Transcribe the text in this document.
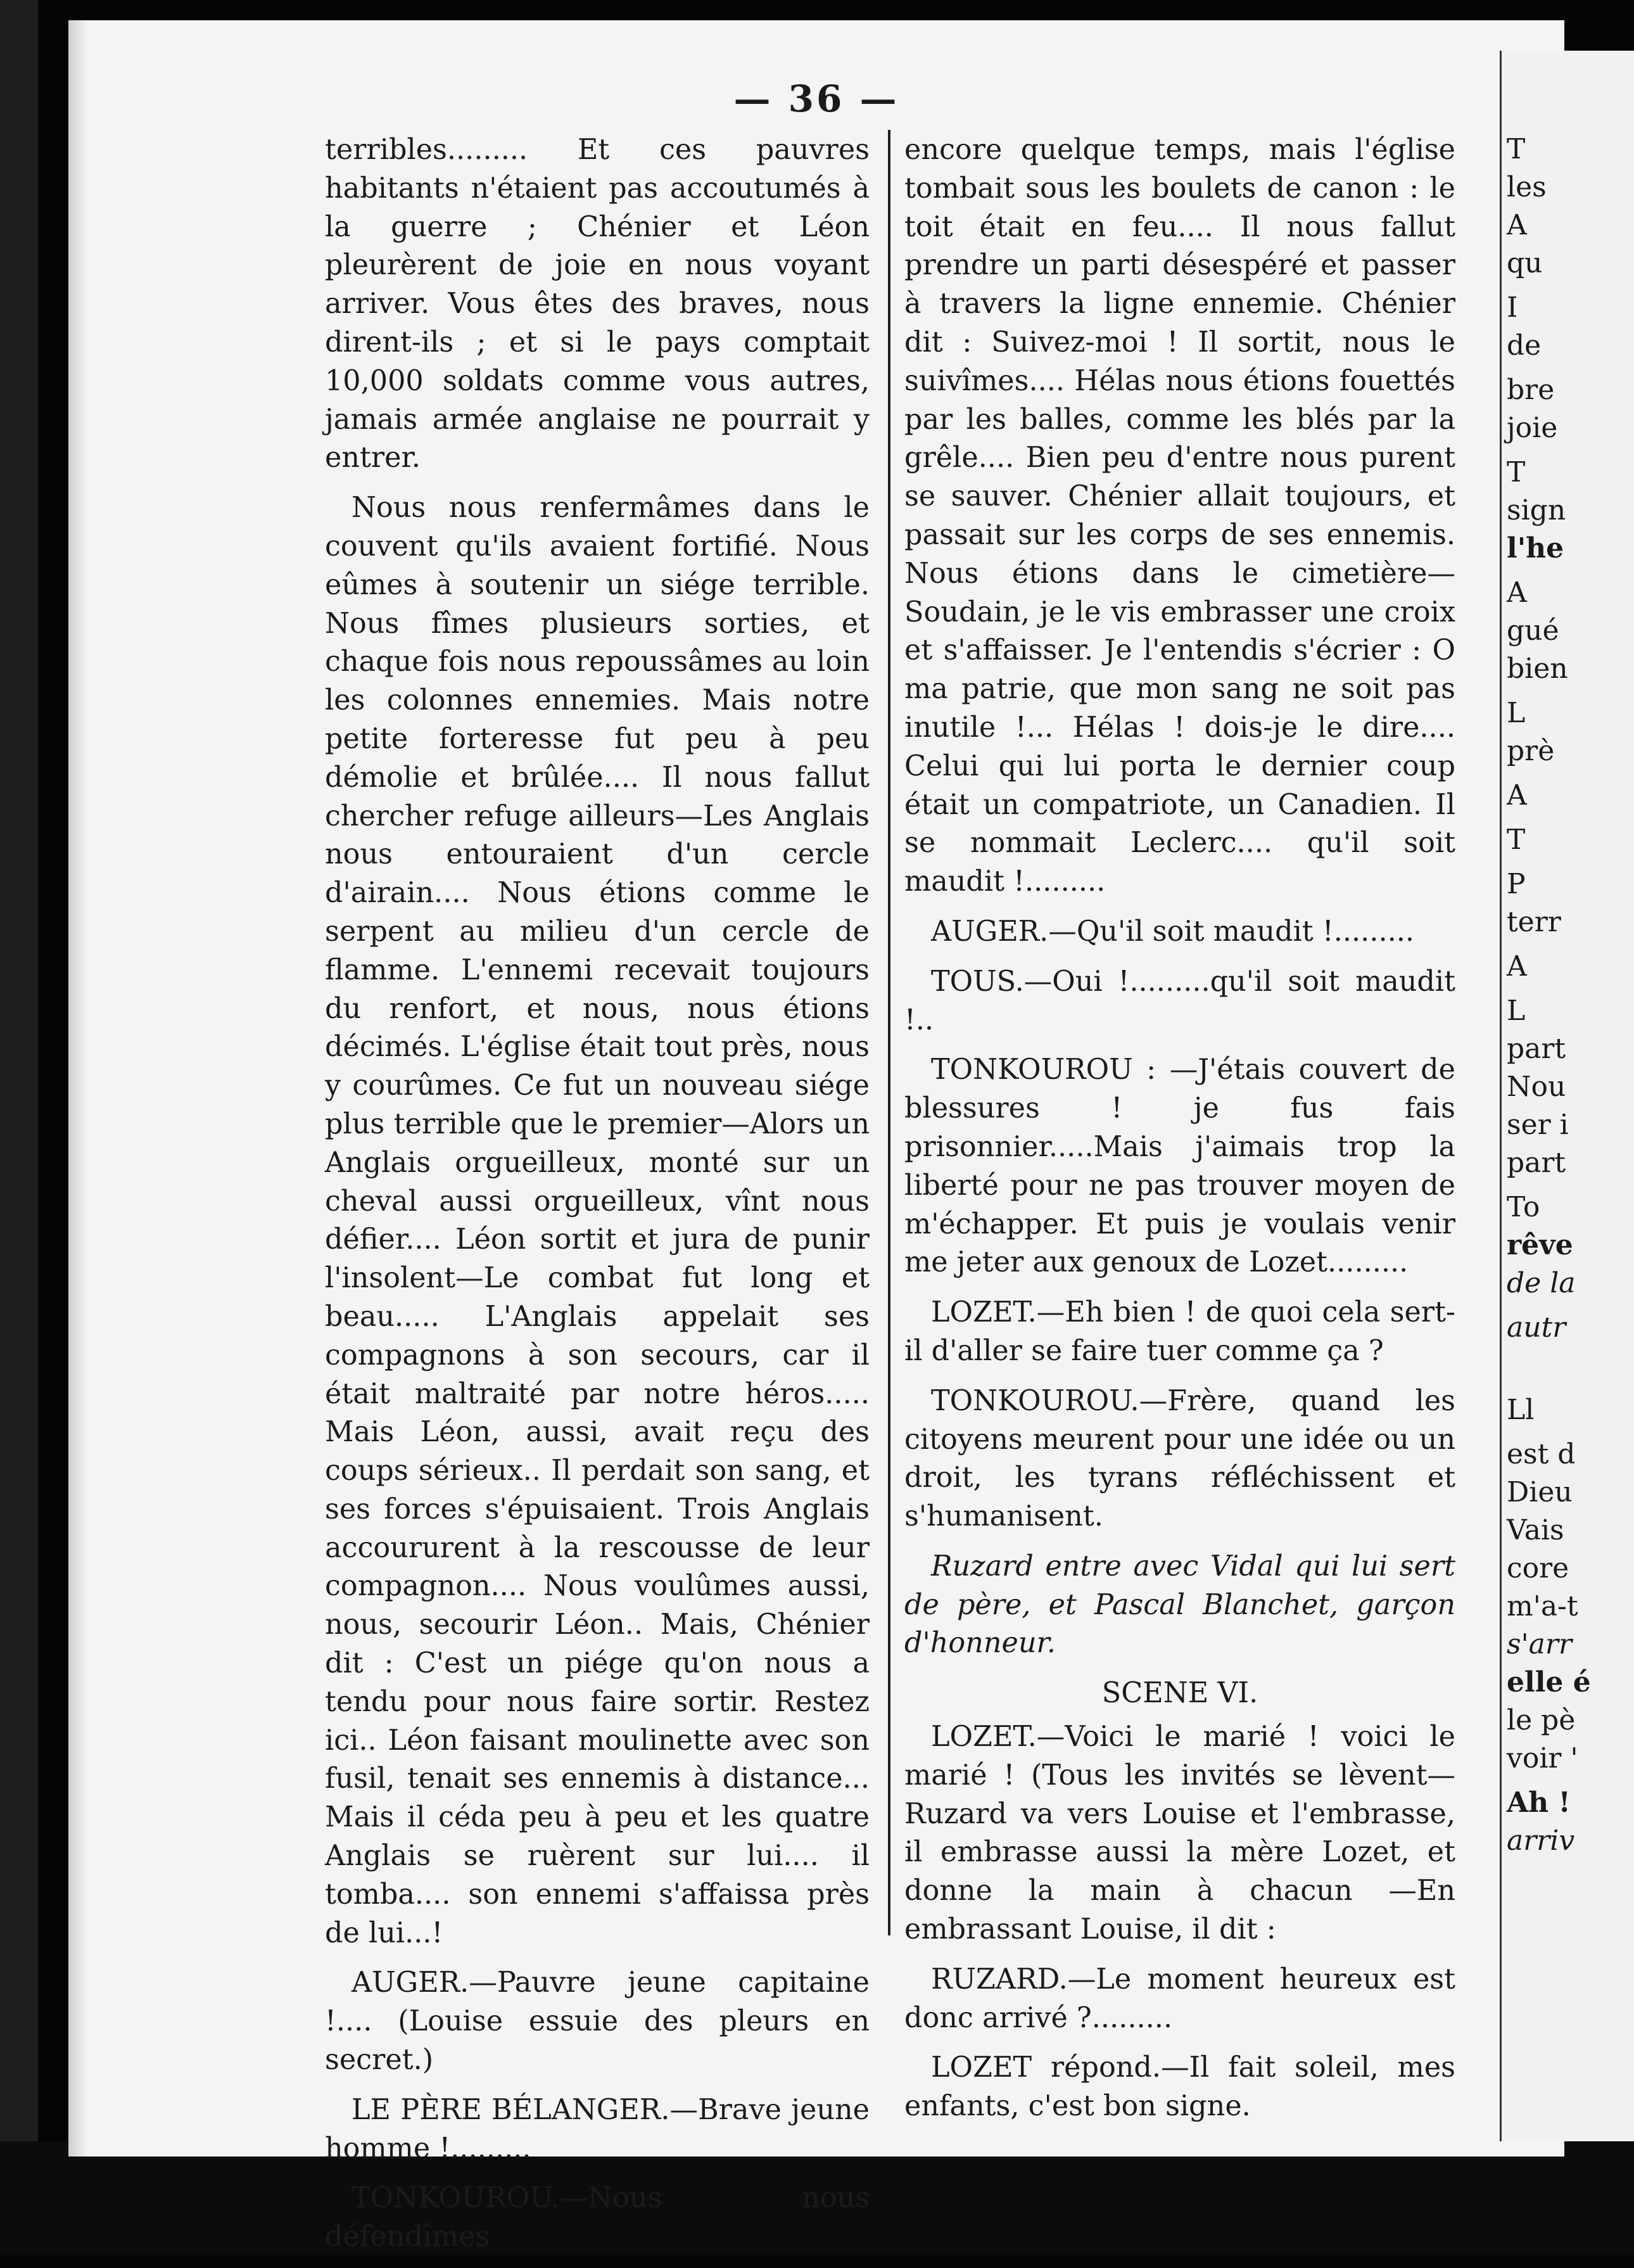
— 36 —

terribles......... Et ces pauvres habitants n'étaient pas accoutumés à la guerre ; Chénier et Léon pleurèrent de joie en nous voyant arriver. Vous êtes des braves, nous dirent-ils ; et si le pays comptait 10,000 soldats comme vous autres, jamais armée anglaise ne pourrait y entrer.

Nous nous renfermâmes dans le couvent qu'ils avaient fortifié. Nous eûmes à soutenir un siége terrible. Nous fîmes plusieurs sorties, et chaque fois nous repoussâmes au loin les colonnes ennemies. Mais notre petite forteresse fut peu à peu démolie et brûlée.... Il nous fallut chercher refuge ailleurs—Les Anglais nous entouraient d'un cercle d'airain.... Nous étions comme le serpent au milieu d'un cercle de flamme. L'ennemi recevait toujours du renfort, et nous, nous étions décimés. L'église était tout près, nous y courûmes. Ce fut un nouveau siége plus terrible que le premier—Alors un Anglais orgueilleux, monté sur un cheval aussi orgueilleux, vînt nous défier.... Léon sortit et jura de punir l'insolent—Le combat fut long et beau..... L'Anglais appelait ses compagnons à son secours, car il était maltraité par notre héros..... Mais Léon, aussi, avait reçu des coups sérieux.. Il perdait son sang, et ses forces s'épuisaient. Trois Anglais accoururent à la rescousse de leur compagnon.... Nous voulûmes aussi, nous, secourir Léon.. Mais, Chénier dit : C'est un piége qu'on nous a tendu pour nous faire sortir. Restez ici.. Léon faisant moulinette avec son fusil, tenait ses ennemis à distance... Mais il céda peu à peu et les quatre Anglais se ruèrent sur lui.... il tomba.... son ennemi s'affaissa près de lui...!

AUGER.—Pauvre jeune capitaine !.... (Louise essuie des pleurs en secret.)

LE PÈRE BÉLANGER.—Brave jeune homme !.........

TONKOUROU.—Nous nous défendîmes

encore quelque temps, mais l'église tombait sous les boulets de canon : le toit était en feu.... Il nous fallut prendre un parti désespéré et passer à travers la ligne ennemie. Chénier dit : Suivez-moi ! Il sortit, nous le suivîmes.... Hélas nous étions fouettés par les balles, comme les blés par la grêle.... Bien peu d'entre nous purent se sauver. Chénier allait toujours, et passait sur les corps de ses ennemis. Nous étions dans le cimetière—Soudain, je le vis embrasser une croix et s'affaisser. Je l'entendis s'écrier : O ma patrie, que mon sang ne soit pas inutile !... Hélas ! dois-je le dire.... Celui qui lui porta le dernier coup était un compatriote, un Canadien. Il se nommait Leclerc.... qu'il soit maudit !.........

AUGER.—Qu'il soit maudit !.........

TOUS.—Oui !.........qu'il soit maudit !..

TONKOUROU : —J'étais couvert de blessures ! je fus fais prisonnier.....Mais j'aimais trop la liberté pour ne pas trouver moyen de m'échapper. Et puis je voulais venir me jeter aux genoux de Lozet.........

LOZET.—Eh bien ! de quoi cela sert-il d'aller se faire tuer comme ça ?

TONKOUROU.—Frère, quand les citoyens meurent pour une idée ou un droit, les tyrans réfléchissent et s'humanisent.

Ruzard entre avec Vidal qui lui sert de père, et Pascal Blanchet, garçon d'honneur.

SCENE VI.

LOZET.—Voici le marié ! voici le marié ! (Tous les invités se lèvent—Ruzard va vers Louise et l'embrasse, il embrasse aussi la mère Lozet, et donne la main à chacun —En embrassant Louise, il dit :

RUZARD.—Le moment heureux est donc arrivé ?.........

LOZET répond.—Il fait soleil, mes enfants, c'est bon signe.

T
les
A
qu
I
de
bre
joie
T
sign
l'he
A
gué
bien
L
prè
A
T
P
terr
A
L
part
Nou
ser i
part
To
rêve
de la
autr
Ll
est d
Dieu
Vais
core
m'a-t
s'arr
elle é
le pè
voir '
Ah !
arriv
